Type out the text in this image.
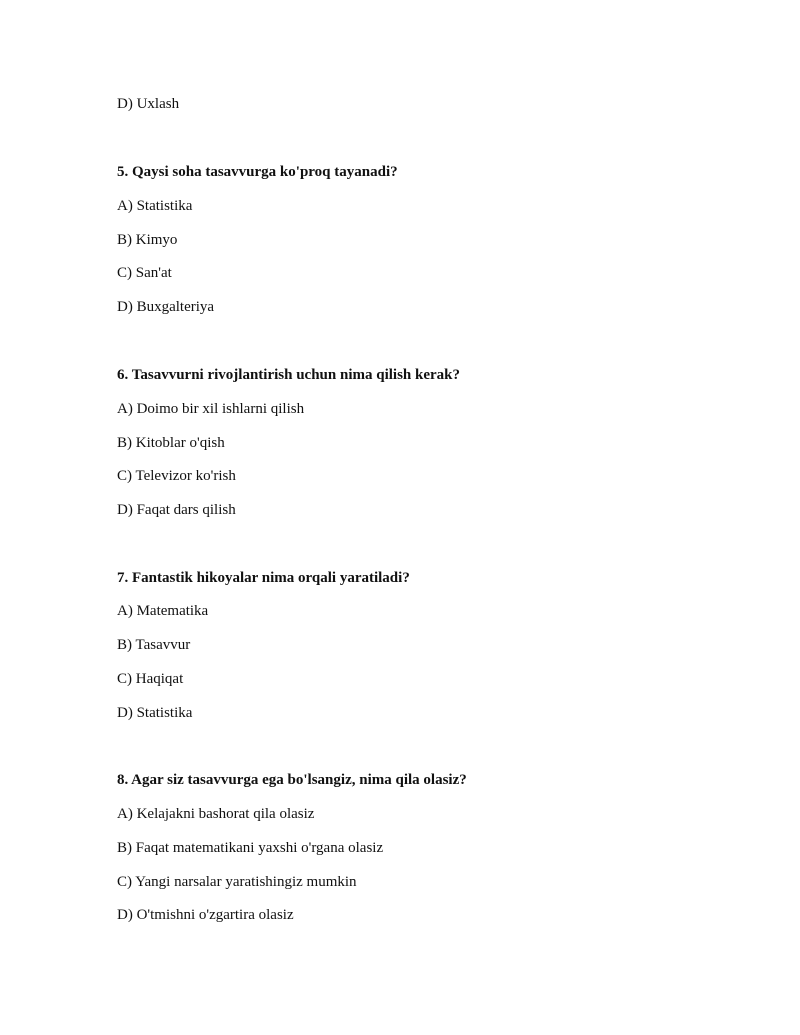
D) Uxlash
5. Qaysi soha tasavvurga ko'proq tayanadi?
A) Statistika
B) Kimyo
C) San'at
D) Buxgalteriya
6. Tasavvurni rivojlantirish uchun nima qilish kerak?
A) Doimo bir xil ishlarni qilish
B) Kitoblar o'qish
C) Televizor ko'rish
D) Faqat dars qilish
7. Fantastik hikoyalar nima orqali yaratiladi?
A) Matematika
B) Tasavvur
C) Haqiqat
D) Statistika
8. Agar siz tasavvurga ega bo'lsangiz, nima qila olasiz?
A) Kelajakni bashorat qila olasiz
B) Faqat matematikani yaxshi o'rgana olasiz
C) Yangi narsalar yaratishingiz mumkin
D) O'tmishni o'zgartira olasiz
